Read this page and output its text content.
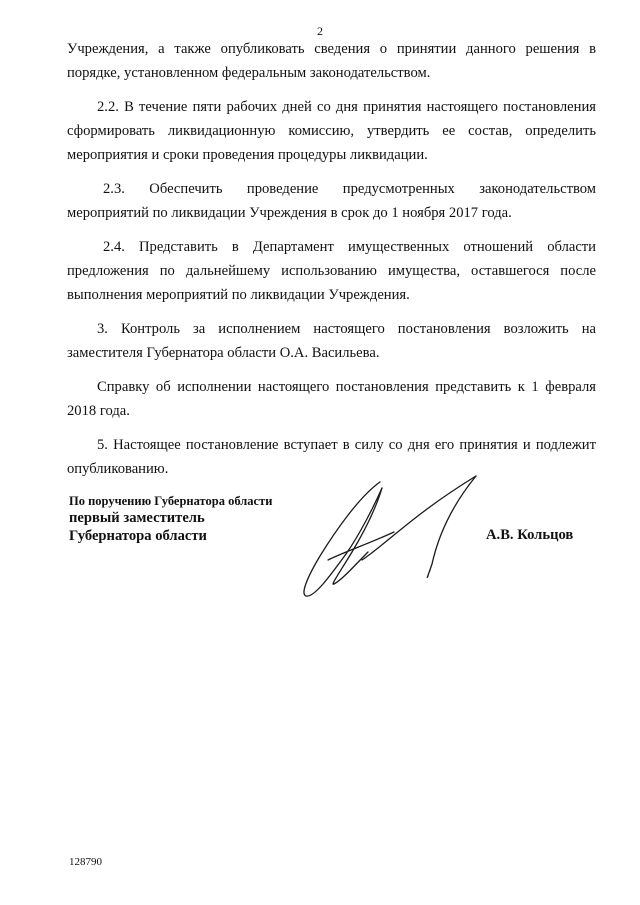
2

Учреждения, а также опубликовать сведения о принятии данного решения в порядке, установленном федеральным законодательством.

2.2. В течение пяти рабочих дней со дня принятия настоящего постановления сформировать ликвидационную комиссию, утвердить ее состав, определить мероприятия и сроки проведения процедуры ликвидации.

2.3. Обеспечить проведение предусмотренных законодательством мероприятий по ликвидации Учреждения в срок до 1 ноября 2017 года.

2.4. Представить в Департамент имущественных отношений области предложения по дальнейшему использованию имущества, оставшегося после выполнения мероприятий по ликвидации Учреждения.

3. Контроль за исполнением настоящего постановления возложить на заместителя Губернатора области О.А. Васильева.

Справку об исполнении настоящего постановления представить к 1 февраля 2018 года.

5. Настоящее постановление вступает в силу со дня его принятия и подлежит опубликованию.

По поручению Губернатора области
первый заместитель
Губернатора области	А.В. Кольцов
128790
